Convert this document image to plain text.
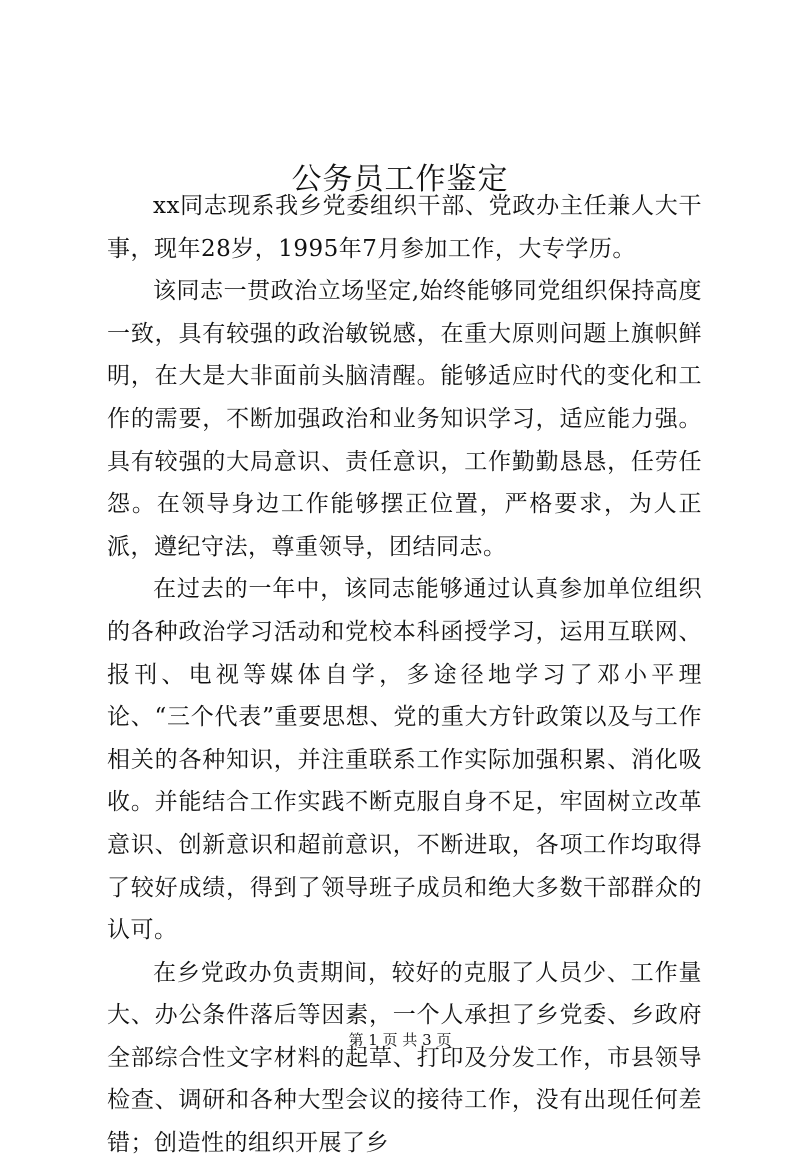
公务员工作鉴定

xx同志现系我乡党委组织干部、党政办主任兼人大干事，现年28岁，1995年7月参加工作，大专学历。

该同志一贯政治立场坚定,始终能够同党组织保持高度一致，具有较强的政治敏锐感，在重大原则问题上旗帜鲜明，在大是大非面前头脑清醒。能够适应时代的变化和工作的需要，不断加强政治和业务知识学习，适应能力强。具有较强的大局意识、责任意识，工作勤勤恳恳，任劳任怨。在领导身边工作能够摆正位置，严格要求，为人正派，遵纪守法，尊重领导，团结同志。

在过去的一年中，该同志能够通过认真参加单位组织的各种政治学习活动和党校本科函授学习，运用互联网、报刊、电视等媒体自学，多途径地学习了邓小平理论、“三个代表”重要思想、党的重大方针政策以及与工作相关的各种知识，并注重联系工作实际加强积累、消化吸收。并能结合工作实践不断克服自身不足，牢固树立改革意识、创新意识和超前意识，不断进取，各项工作均取得了较好成绩，得到了领导班子成员和绝大多数干部群众的认可。

在乡党政办负责期间，较好的克服了人员少、工作量大、办公条件落后等因素，一个人承担了乡党委、乡政府全部综合性文字材料的起草、打印及分发工作，市县领导检查、调研和各种大型会议的接待工作，没有出现任何差错；创造性的组织开展了乡

第 1 页 共 3 页
